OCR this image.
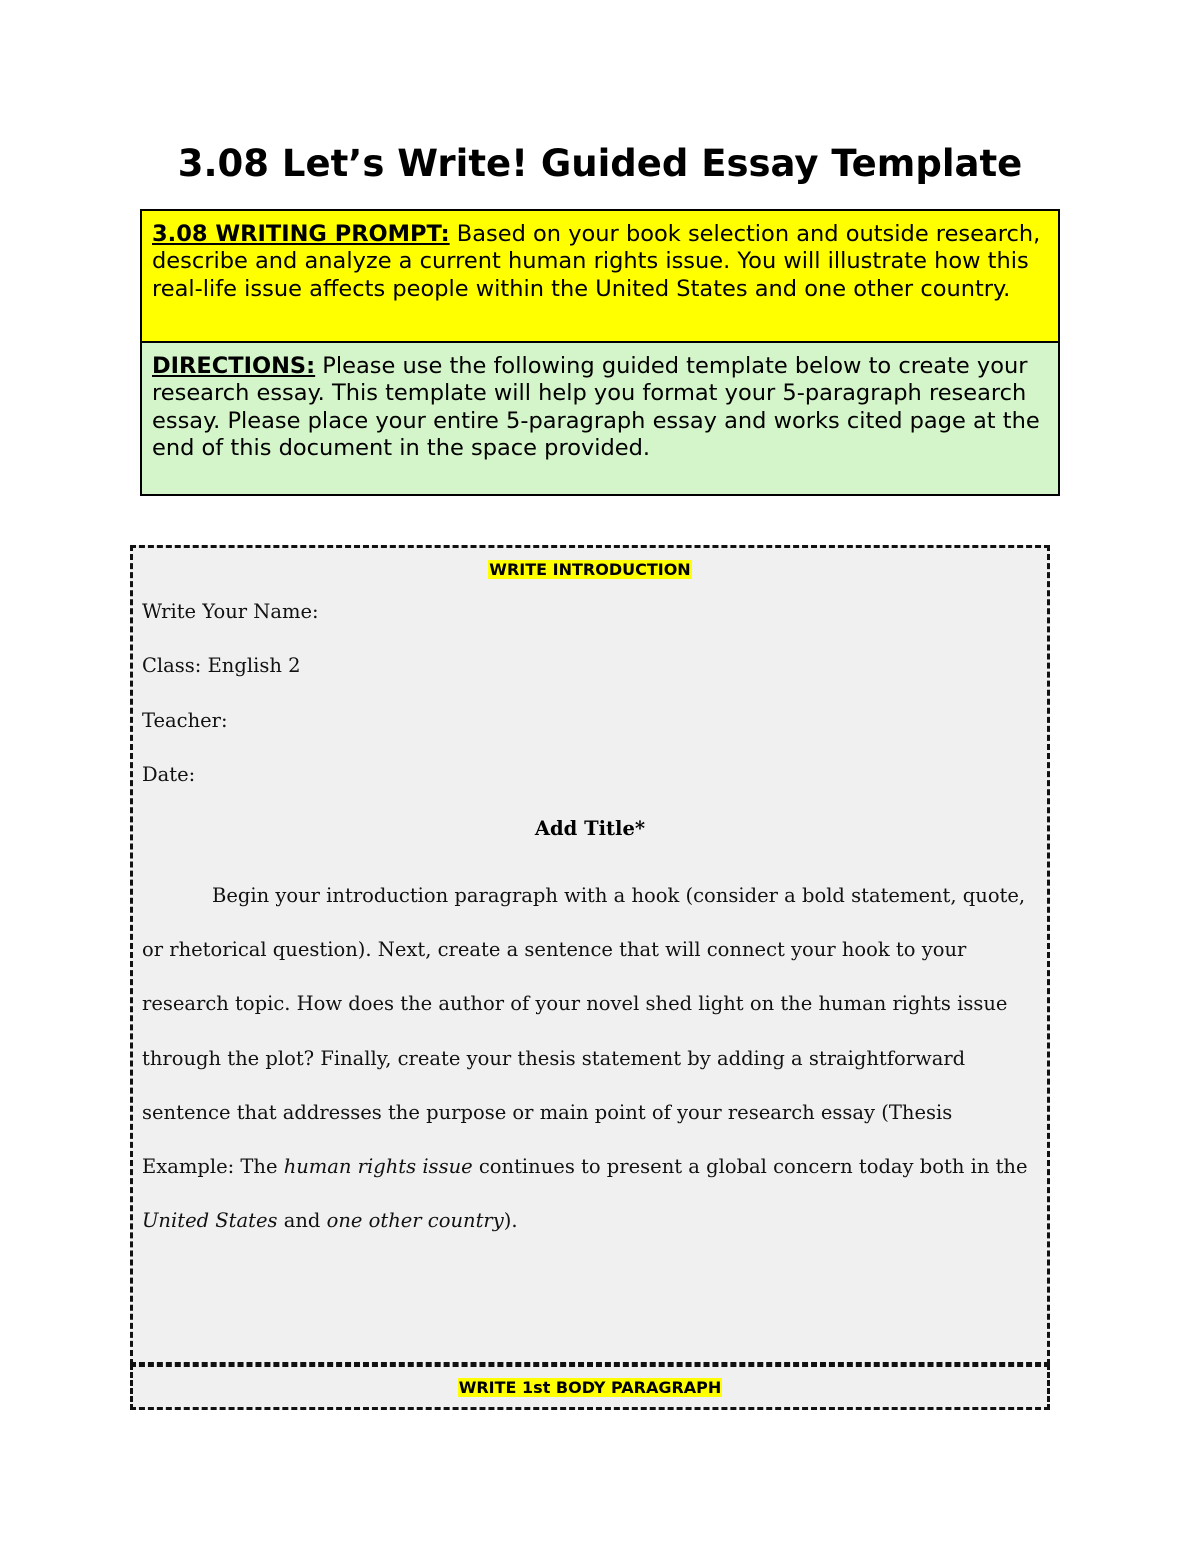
3.08 Let’s Write! Guided Essay Template
3.08 WRITING PROMPT: Based on your book selection and outside research, describe and analyze a current human rights issue. You will illustrate how this real-life issue affects people within the United States and one other country.
DIRECTIONS: Please use the following guided template below to create your research essay. This template will help you format your 5-paragraph research essay. Please place your entire 5-paragraph essay and works cited page at the end of this document in the space provided.
WRITE INTRODUCTION
Write Your Name:
Class: English 2
Teacher:
Date:
Add Title*

Begin your introduction paragraph with a hook (consider a bold statement, quote, or rhetorical question). Next, create a sentence that will connect your hook to your research topic. How does the author of your novel shed light on the human rights issue through the plot? Finally, create your thesis statement by adding a straightforward sentence that addresses the purpose or main point of your research essay (Thesis Example: The human rights issue continues to present a global concern today both in the United States and one other country).

WRITE 1st BODY PARAGRAPH
